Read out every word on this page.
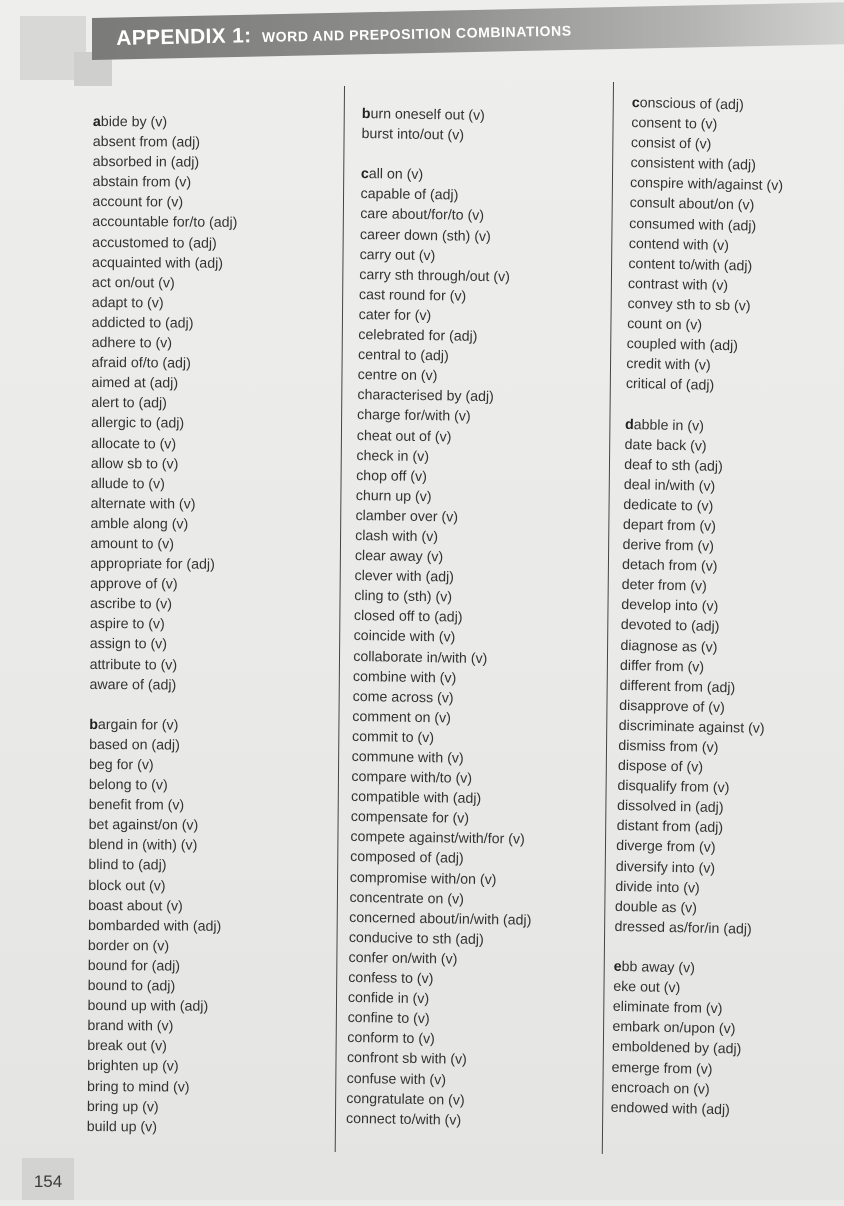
APPENDIX 1: WORD AND PREPOSITION COMBINATIONS
abide by (v)
absent from (adj)
absorbed in (adj)
abstain from (v)
account for (v)
accountable for/to (adj)
accustomed to (adj)
acquainted with (adj)
act on/out (v)
adapt to (v)
addicted to (adj)
adhere to (v)
afraid of/to (adj)
aimed at (adj)
alert to (adj)
allergic to (adj)
allocate to (v)
allow sb to (v)
allude to (v)
alternate with (v)
amble along (v)
amount to (v)
appropriate for (adj)
approve of (v)
ascribe to (v)
aspire to (v)
assign to (v)
attribute to (v)
aware of (adj)
bargain for (v)
based on (adj)
beg for (v)
belong to (v)
benefit from (v)
bet against/on (v)
blend in (with) (v)
blind to (adj)
block out (v)
boast about (v)
bombarded with (adj)
border on (v)
bound for (adj)
bound to (adj)
bound up with (adj)
brand with (v)
break out (v)
brighten up (v)
bring to mind (v)
bring up (v)
build up (v)
burn oneself out (v)
burst into/out (v)
call on (v)
capable of (adj)
care about/for/to (v)
career down (sth) (v)
carry out (v)
carry sth through/out (v)
cast round for (v)
cater for (v)
celebrated for (adj)
central to (adj)
centre on (v)
characterised by (adj)
charge for/with (v)
cheat out of (v)
check in (v)
chop off (v)
churn up (v)
clamber over (v)
clash with (v)
clear away (v)
clever with (adj)
cling to (sth) (v)
closed off to (adj)
coincide with (v)
collaborate in/with (v)
combine with (v)
come across (v)
comment on (v)
commit to (v)
commune with (v)
compare with/to (v)
compatible with (adj)
compensate for (v)
compete against/with/for (v)
composed of (adj)
compromise with/on (v)
concentrate on (v)
concerned about/in/with (adj)
conducive to sth (adj)
confer on/with (v)
confess to (v)
confide in (v)
confine to (v)
conform to (v)
confront sb with (v)
confuse with (v)
congratulate on (v)
connect to/with (v)
conscious of (adj)
consent to (v)
consist of (v)
consistent with (adj)
conspire with/against (v)
consult about/on (v)
consumed with (adj)
contend with (v)
content to/with (adj)
contrast with (v)
convey sth to sb (v)
count on (v)
coupled with (adj)
credit with (v)
critical of (adj)
dabble in (v)
date back (v)
deaf to sth (adj)
deal in/with (v)
dedicate to (v)
depart from (v)
derive from (v)
detach from (v)
deter from (v)
develop into (v)
devoted to (adj)
diagnose as (v)
differ from (v)
different from (adj)
disapprove of (v)
discriminate against (v)
dismiss from (v)
dispose of (v)
disqualify from (v)
dissolved in (adj)
distant from (adj)
diverge from (v)
diversify into (v)
divide into (v)
double as (v)
dressed as/for/in (adj)
ebb away (v)
eke out (v)
eliminate from (v)
embark on/upon (v)
emboldened by (adj)
emerge from (v)
encroach on (v)
endowed with (adj)
154
